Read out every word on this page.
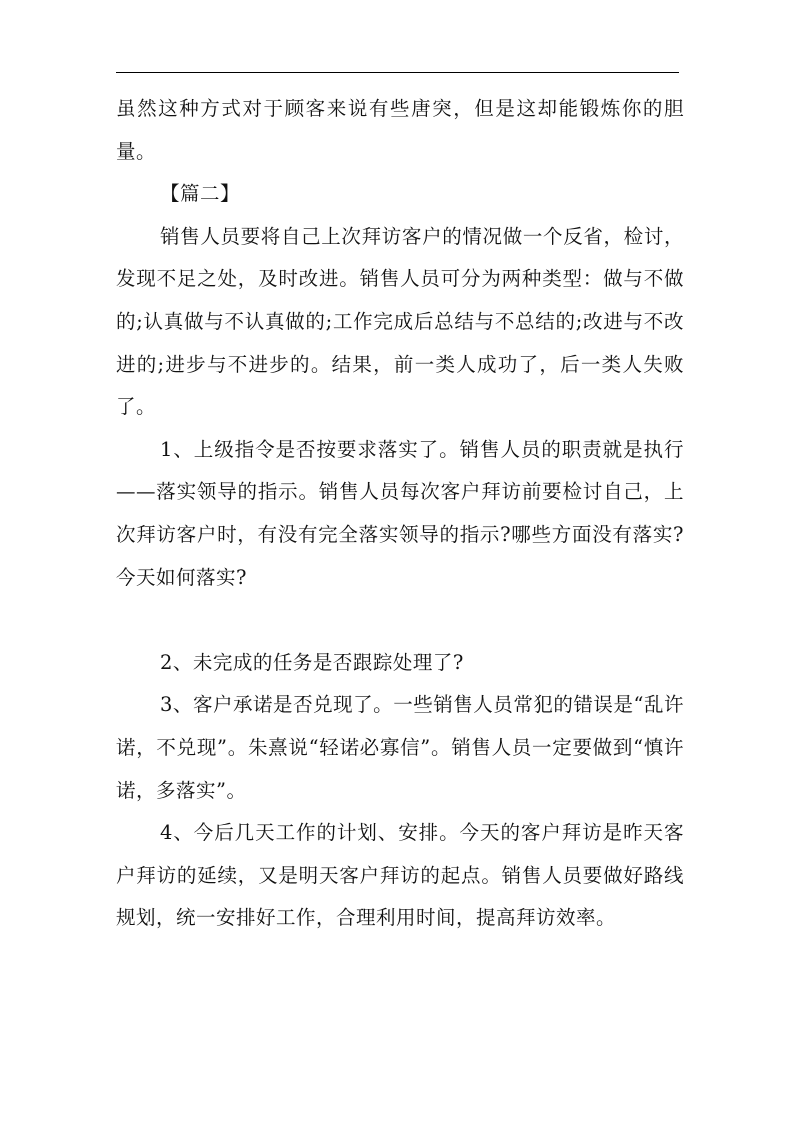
虽然这种方式对于顾客来说有些唐突，但是这却能锻炼你的胆量。

【篇二】

销售人员要将自己上次拜访客户的情况做一个反省，检讨，发现不足之处，及时改进。销售人员可分为两种类型：做与不做的;认真做与不认真做的;工作完成后总结与不总结的;改进与不改进的;进步与不进步的。结果，前一类人成功了，后一类人失败了。

1、上级指令是否按要求落实了。销售人员的职责就是执行——落实领导的指示。销售人员每次客户拜访前要检讨自己，上次拜访客户时，有没有完全落实领导的指示?哪些方面没有落实?今天如何落实?

2、未完成的任务是否跟踪处理了?

3、客户承诺是否兑现了。一些销售人员常犯的错误是“乱许诺，不兑现”。朱熹说“轻诺必寡信”。销售人员一定要做到“慎许诺，多落实”。

4、今后几天工作的计划、安排。今天的客户拜访是昨天客户拜访的延续，又是明天客户拜访的起点。销售人员要做好路线规划，统一安排好工作，合理利用时间，提高拜访效率。
